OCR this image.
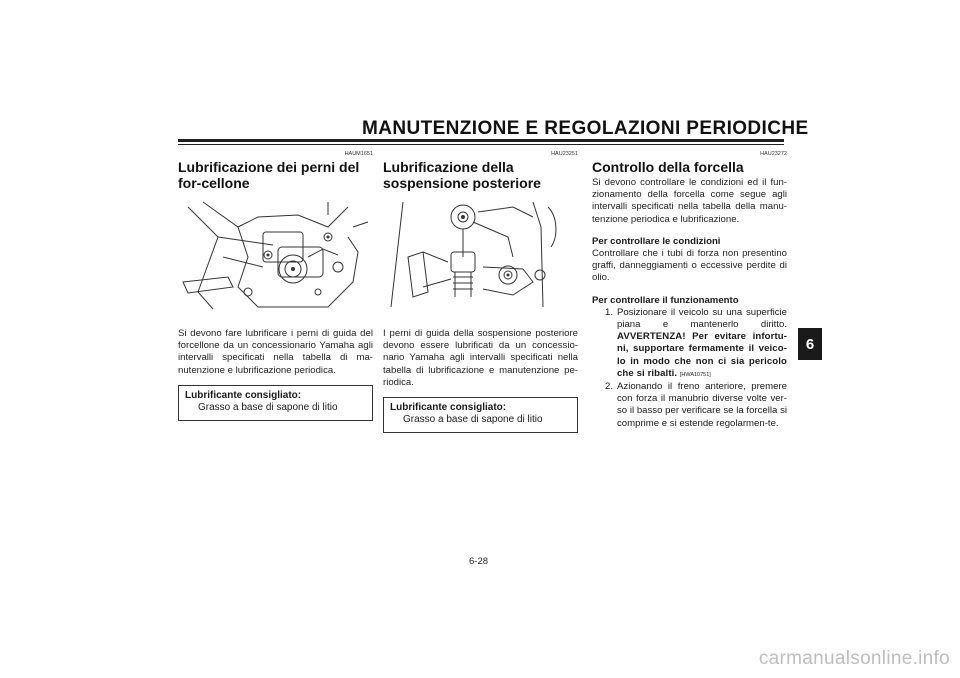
MANUTENZIONE E REGOLAZIONI PERIODICHE
6
HAUM1651
Lubrificazione dei perni del for-cellone
Si devono fare lubrificare i perni di guida del forcellone da un concessionario Yamaha agli intervalli specificati nella tabella di ma-nutenzione e lubrificazione periodica.
Lubrificante consigliato:
Grasso a base di sapone di litio
HAU23251
Lubrificazione della sospensione posteriore
I perni di guida della sospensione posteriore devono essere lubrificati da un concessio-nario Yamaha agli intervalli specificati nella tabella di lubrificazione e manutenzione pe-riodica.
Lubrificante consigliato:
Grasso a base di sapone di litio
HAU23272
Controllo della forcella
Si devono controllare le condizioni ed il fun-zionamento della forcella come segue agli intervalli specificati nella tabella della manu-tenzione periodica e lubrificazione.
Per controllare le condizioni
Controllare che i tubi di forza non presentino graffi, danneggiamenti o eccessive perdite di olio.
Per controllare il funzionamento
1. Posizionare il veicolo su una superficie piana e mantenerlo diritto. AVVERTENZA! Per evitare infortu-ni, supportare fermamente il veico-lo in modo che non ci sia pericolo che si ribalti. [HWA10751]
2. Azionando il freno anteriore, premere con forza il manubrio diverse volte ver-so il basso per verificare se la forcella si comprime e si estende regolarmen-te.
6-28
carmanualsonline.info
